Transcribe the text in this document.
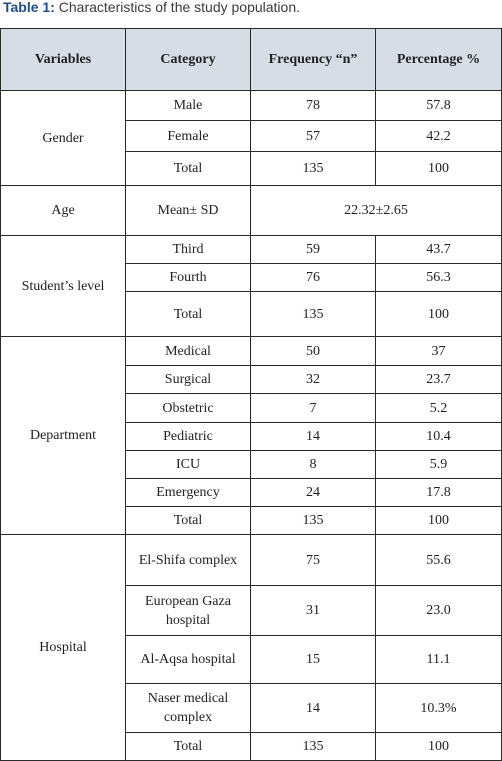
Table 1: Characteristics of the study population.
Variables	Category	Frequency “n”	Percentage %
Gender	Male	78	57.8
	Female	57	42.2
	Total	135	100
Age	Mean± SD	22.32±2.65	
Student’s level	Third	59	43.7
	Fourth	76	56.3
	Total	135	100
Department	Medical	50	37
	Surgical	32	23.7
	Obstetric	7	5.2
	Pediatric	14	10.4
	ICU	8	5.9
	Emergency	24	17.8
	Total	135	100
Hospital	El-Shifa complex	75	55.6
	European Gaza hospital	31	23.0
	Al-Aqsa hospital	15	11.1
	Naser medical complex	14	10.3%
	Total	135	100
